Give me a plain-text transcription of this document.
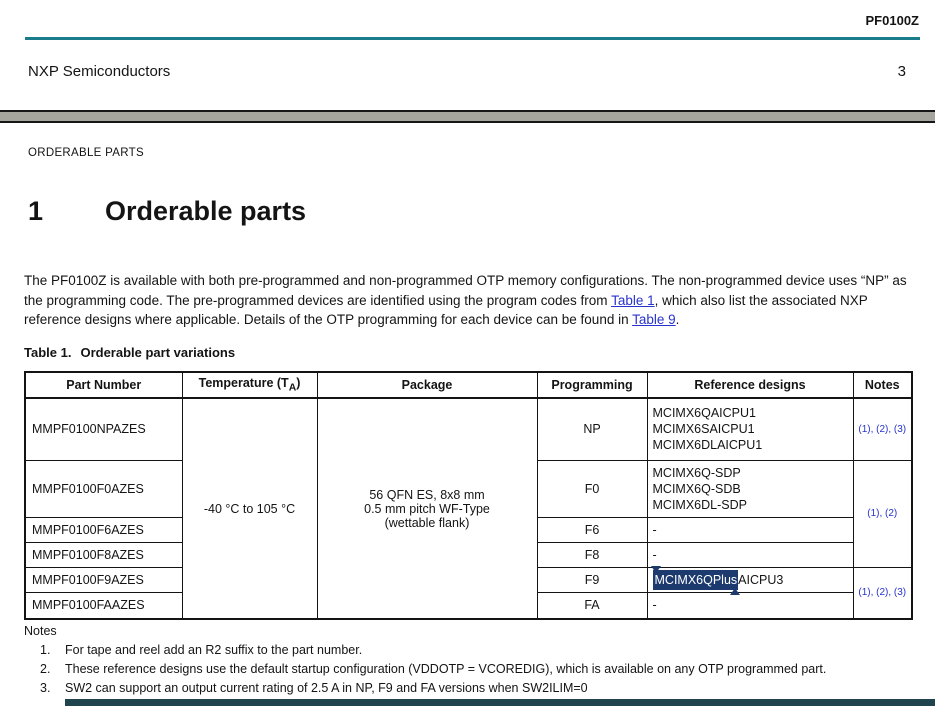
PF0100Z
NXP Semiconductors	3
ORDERABLE PARTS
1 Orderable parts
The PF0100Z is available with both pre-programmed and non-programmed OTP memory configurations. The non-programmed device uses “NP” as the programming code. The pre-programmed devices are identified using the program codes from Table 1, which also list the associated NXP reference designs where applicable. Details of the OTP programming for each device can be found in Table 9.
Table 1. Orderable part variations
Part Number	Temperature $(T_A)$	Package	Programming	Reference designs	Notes
MMPF0100NPAZES	-40 °C to 105 °C	56 QFN ES, 8x8 mm
0.5 mm pitch WF-Type
(wettable flank)	NP	MCIMX6QAICPU1
MCIMX6SAICPU1
MCIMX6DLAICPU1	(1), (2), (3)
MMPF0100F0AZES			F0	MCIMX6Q-SDP
MCIMX6Q-SDB
MCIMX6DL-SDP	(1), (2)
MMPF0100F6AZES			F6	-	
MMPF0100F8AZES			F8	-	
MMPF0100F9AZES			F9	MCIMX6QPlusAICPU3	(1), (2), (3)
MMPF0100FAAZES			FA	-	
Notes
1.	For tape and reel add an R2 suffix to the part number.
2.	These reference designs use the default startup configuration (VDDOTP = VCOREDIG), which is available on any OTP programmed part.
3.	SW2 can support an output current rating of 2.5 A in NP, F9 and FA versions when SW2ILIM=0
